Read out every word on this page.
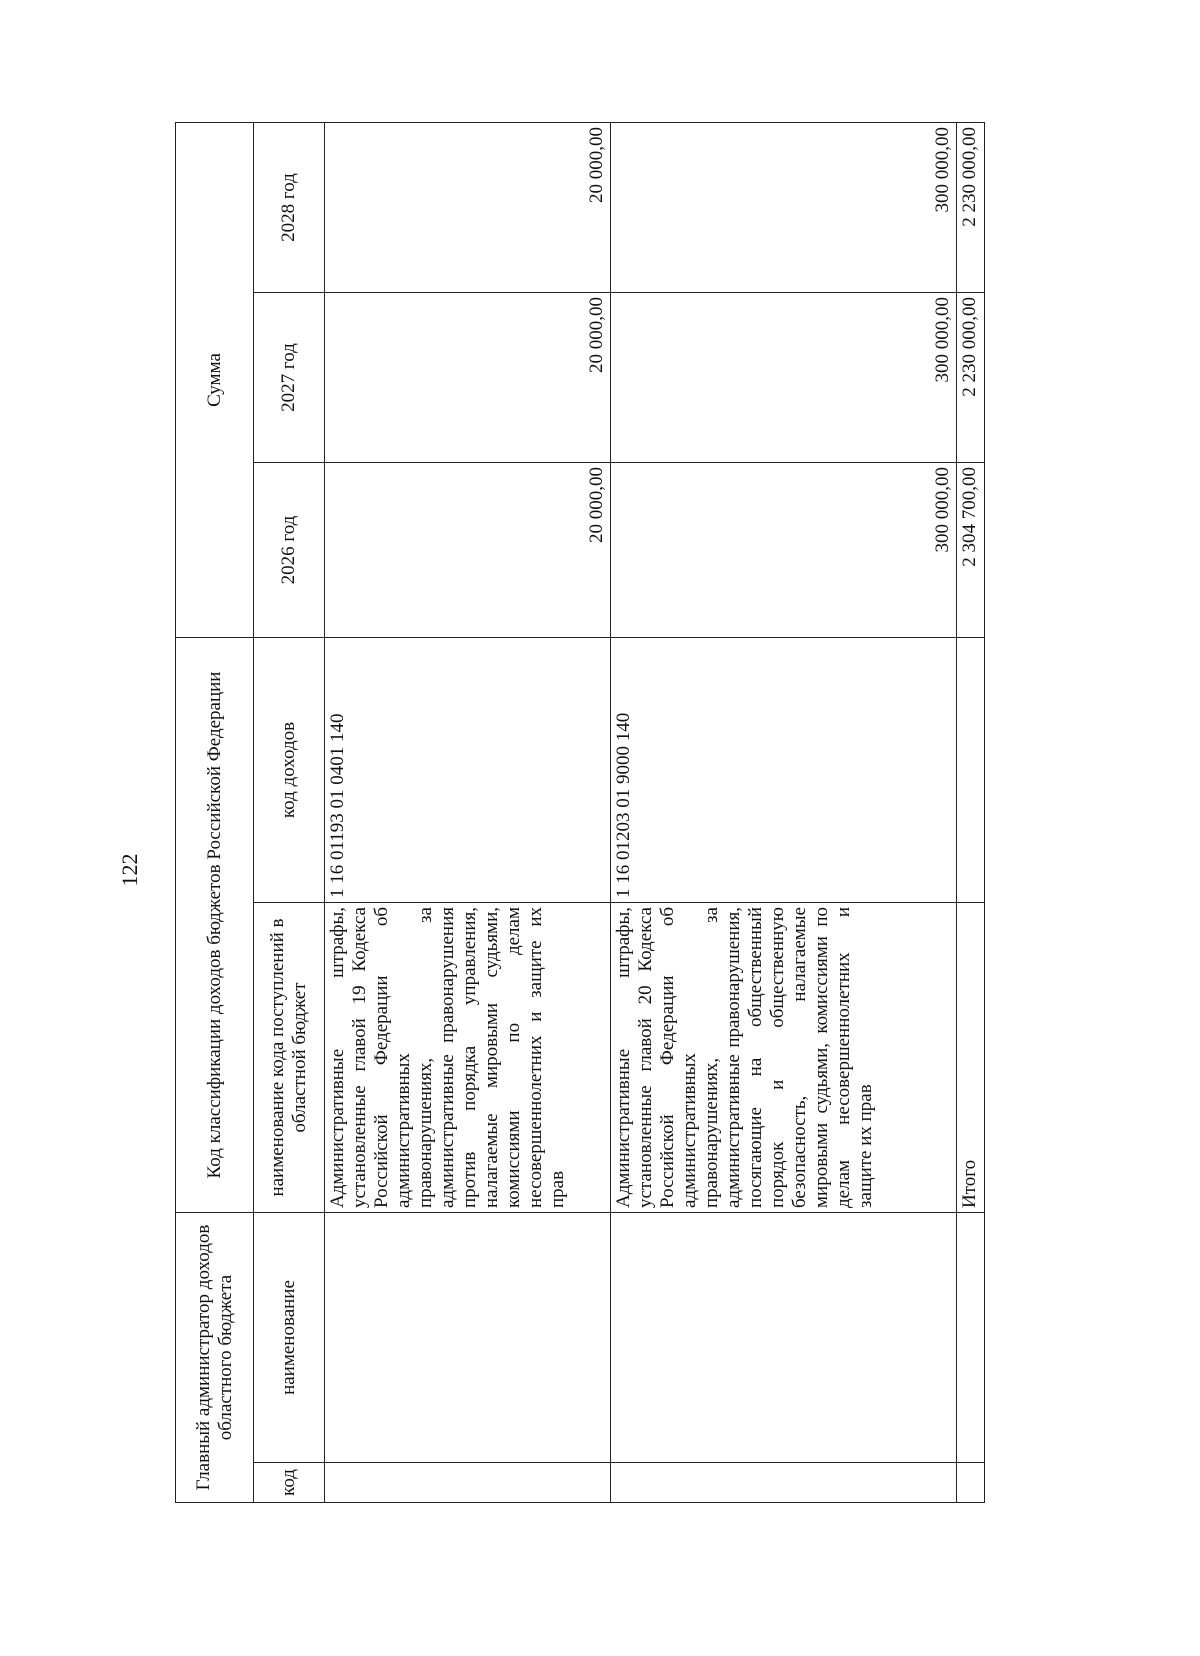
122
Главный администратор доходов областного бюджета		Код классификации доходов бюджетов Российской Федерации		Сумма		
код	наименование	наименование кода поступлений в областной бюджет	код доходов	2026 год	2027 год	2028 год
		Административные штрафы, установленные главой 19 Кодекса Российской Федерации об административных правонарушениях, за административные правонарушения против порядка управления, налагаемые мировыми судьями, комиссиями по делам несовершеннолетних и защите их прав	1 16 01193 01 0401 140	20 000,00	20 000,00	20 000,00
		Административные штрафы, установленные главой 20 Кодекса Российской Федерации об административных правонарушениях, за административные правонарушения, посягающие на общественный порядок и общественную безопасность, налагаемые мировыми судьями, комиссиями по делам несовершеннолетних и защите их прав	1 16 01203 01 9000 140	300 000,00	300 000,00	300 000,00
		Итого		2 304 700,00	2 230 000,00	2 230 000,00
